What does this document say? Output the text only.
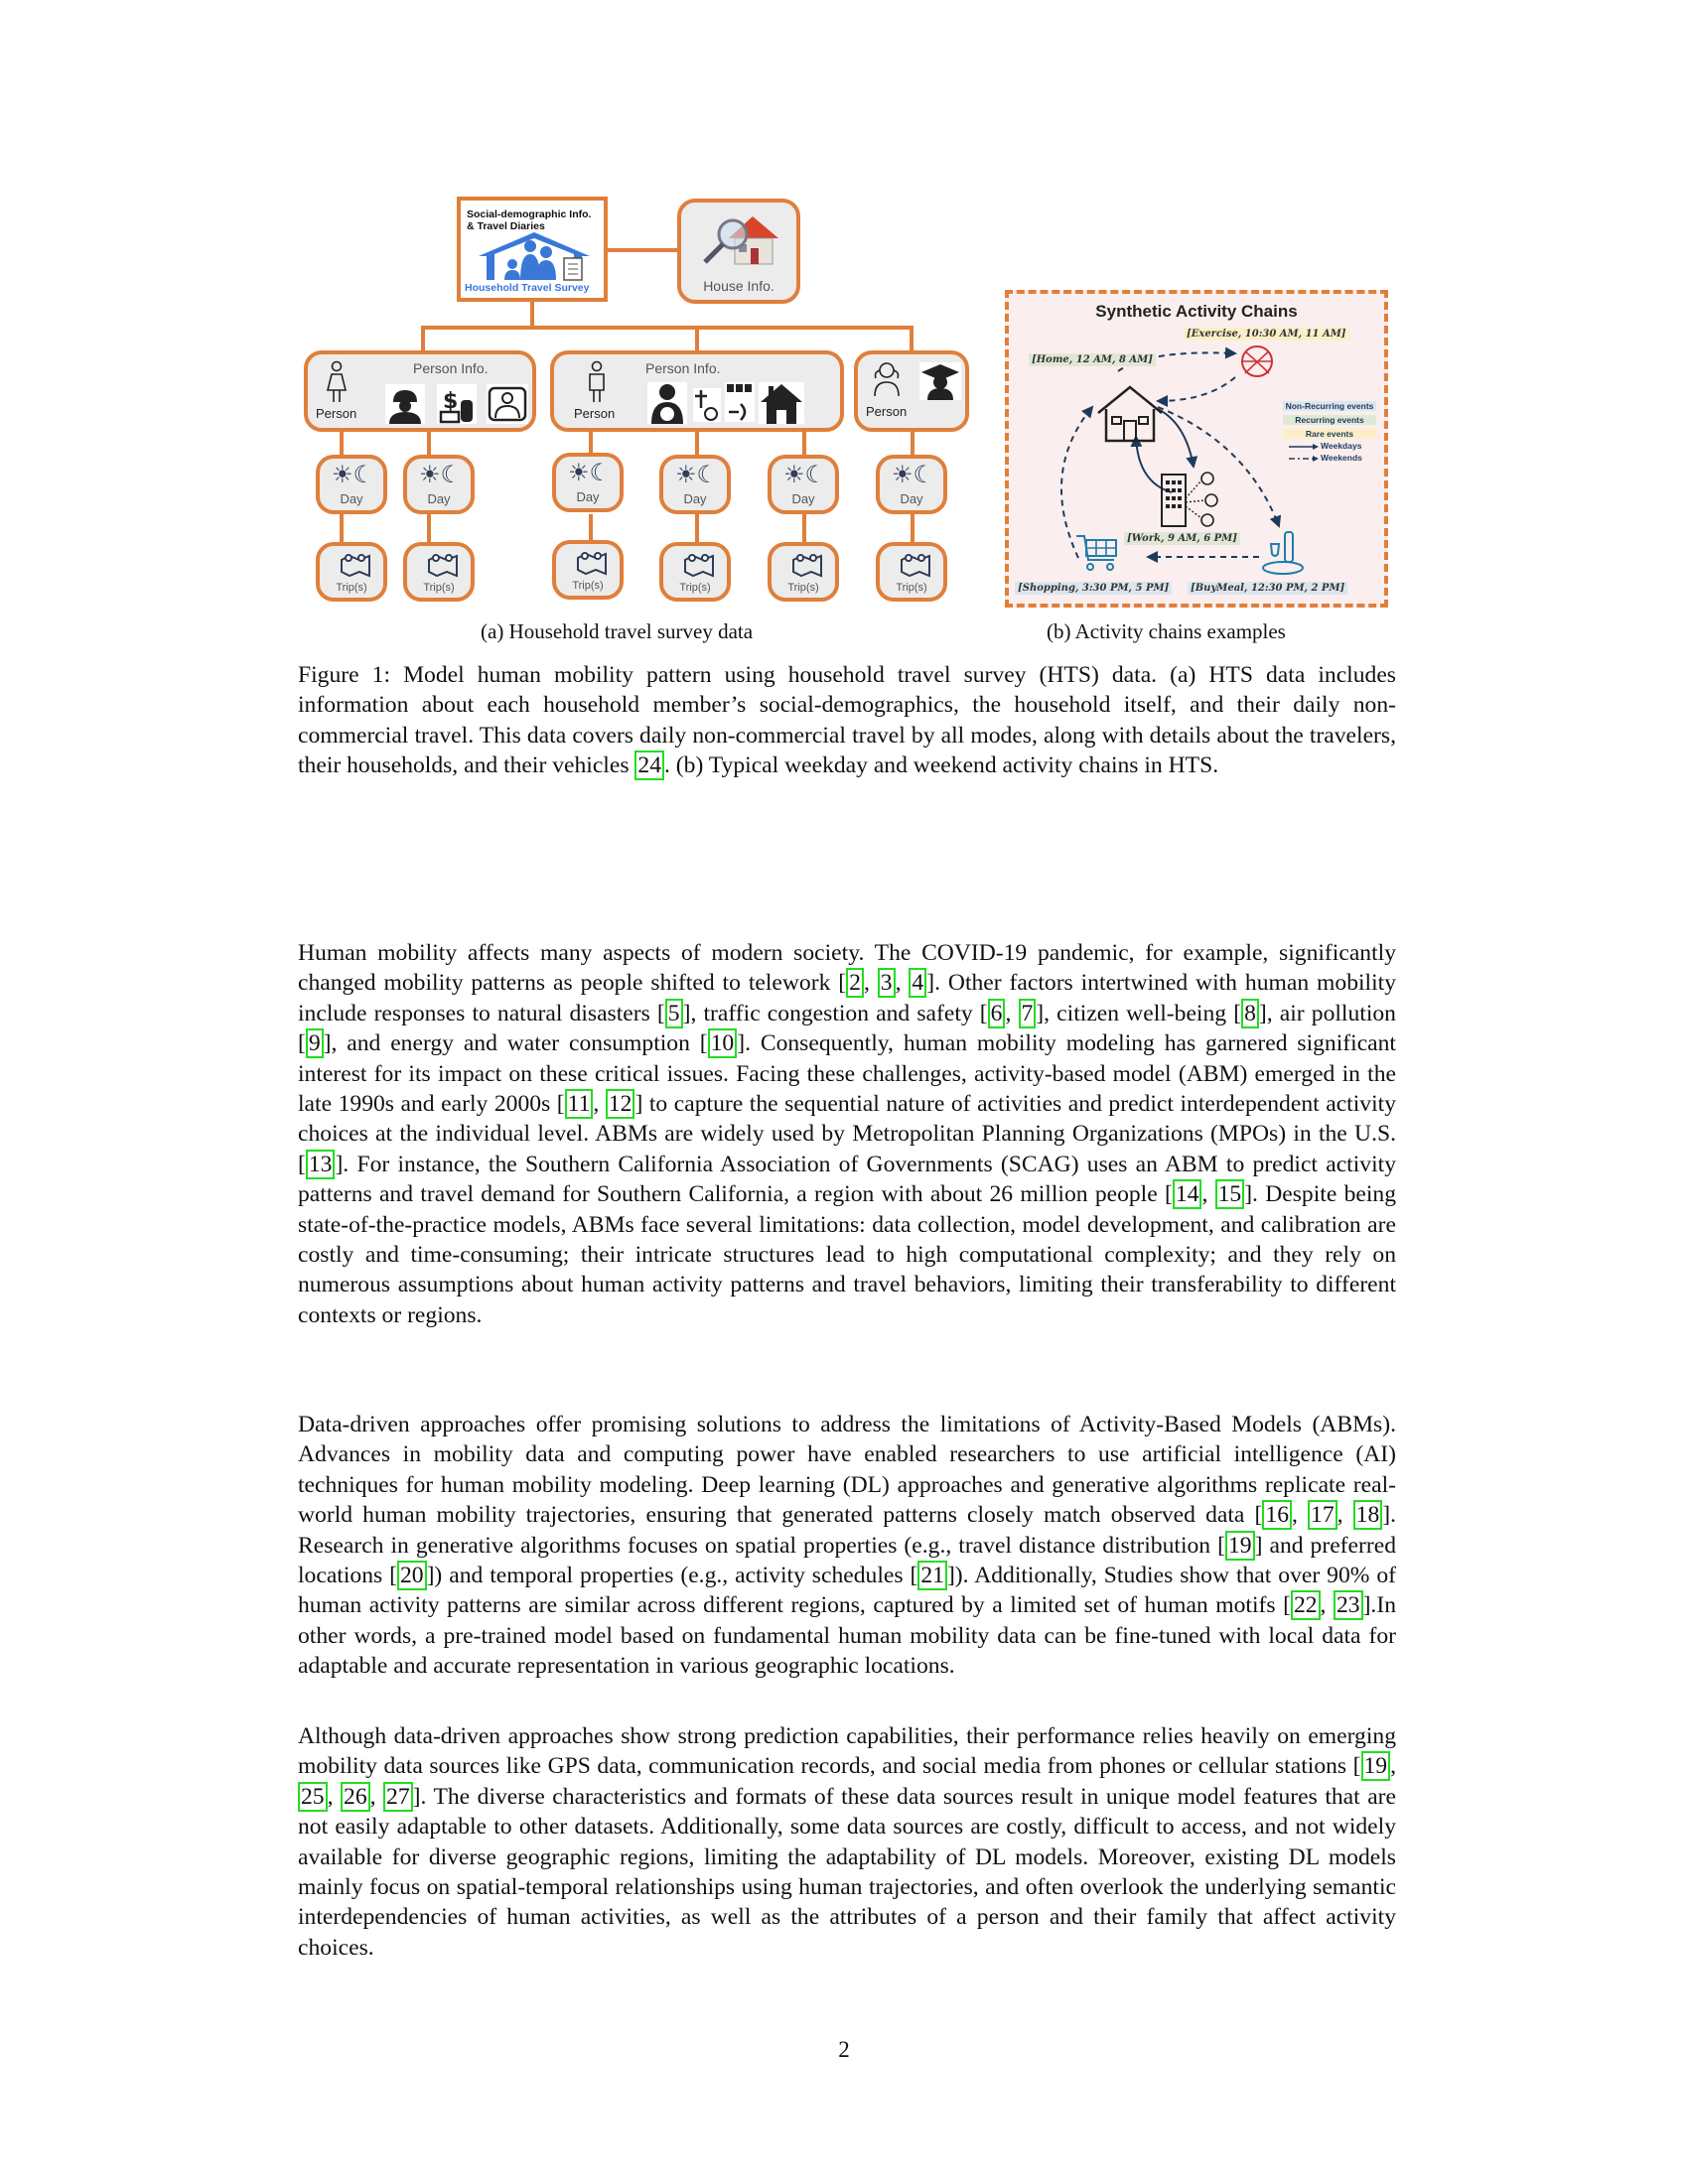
Social-demographic Info.
& Travel Diaries
Household Travel Survey	House Info.
Person
Person Info.
$	Person
Person Info.
Person
☀☾
Day
☀☾
Day
☀☾
Day
☀☾
Day
☀☾
Day
☀☾
Day
Trip(s)	Trip(s)	Trip(s)	Trip(s)	Trip(s)	Trip(s)
(a) Household travel survey data
Synthetic Activity Chains
[Exercise, 10:30 AM, 11 AM]
[Home, 12 AM, 8 AM]
[Work, 9 AM, 6 PM]
[Shopping, 3:30 PM, 5 PM]	[BuyMeal, 12:30 PM, 2 PM]
Non-Recurring events
Recurring events
Rare events
Weekdays
Weekends
(b) Activity chains examples
Figure 1: Model human mobility pattern using household travel survey (HTS) data. (a) HTS data includes information about each household member’s social-demographics, the household itself, and their daily non-commercial travel. This data covers daily non-commercial travel by all modes, along with details about the travelers, their households, and their vehicles 24 . (b) Typical weekday and weekend activity chains in HTS.
Human mobility affects many aspects of modern society. The COVID-19 pandemic, for example, significantly changed mobility patterns as people shifted to telework [ 2 , 3 , 4 ]. Other factors intertwined with human mobility include responses to natural disasters [ 5 ], traffic congestion and safety [ 6 , 7 ], citizen well-being [ 8 ], air pollution [ 9 ], and energy and water consumption [ 10 ]. Consequently, human mobility modeling has garnered significant interest for its impact on these critical issues. Facing these challenges, activity-based model (ABM) emerged in the late 1990s and early 2000s [ 11 , 12 ] to capture the sequential nature of activities and predict interdependent activity choices at the individual level. ABMs are widely used by Metropolitan Planning Organizations (MPOs) in the U.S. [ 13 ]. For instance, the Southern California Association of Governments (SCAG) uses an ABM to predict activity patterns and travel demand for Southern California, a region with about 26 million people [ 14 , 15 ]. Despite being state-of-the-practice models, ABMs face several limitations: data collection, model development, and calibration are costly and time-consuming; their intricate structures lead to high computational complexity; and they rely on numerous assumptions about human activity patterns and travel behaviors, limiting their transferability to different contexts or regions.
Data-driven approaches offer promising solutions to address the limitations of Activity-Based Models (ABMs). Advances in mobility data and computing power have enabled researchers to use artificial intelligence (AI) techniques for human mobility modeling. Deep learning (DL) approaches and generative algorithms replicate real-world human mobility trajectories, ensuring that generated patterns closely match observed data [ 16 , 17 , 18 ]. Research in generative algorithms focuses on spatial properties (e.g., travel distance distribution [ 19 ] and preferred locations [ 20 ]) and temporal properties (e.g., activity schedules [ 21 ]). Additionally, Studies show that over 90% of human activity patterns are similar across different regions, captured by a limited set of human motifs [ 22 , 23 ].In other words, a pre-trained model based on fundamental human mobility data can be fine-tuned with local data for adaptable and accurate representation in various geographic locations.
Although data-driven approaches show strong prediction capabilities, their performance relies heavily on emerging mobility data sources like GPS data, communication records, and social media from phones or cellular stations [ 19 , 25 , 26 , 27 ]. The diverse characteristics and formats of these data sources result in unique model features that are not easily adaptable to other datasets. Additionally, some data sources are costly, difficult to access, and not widely available for diverse geographic regions, limiting the adaptability of DL models. Moreover, existing DL models mainly focus on spatial-temporal relationships using human trajectories, and often overlook the underlying semantic interdependencies of human activities, as well as the attributes of a person and their family that affect activity choices.
2
